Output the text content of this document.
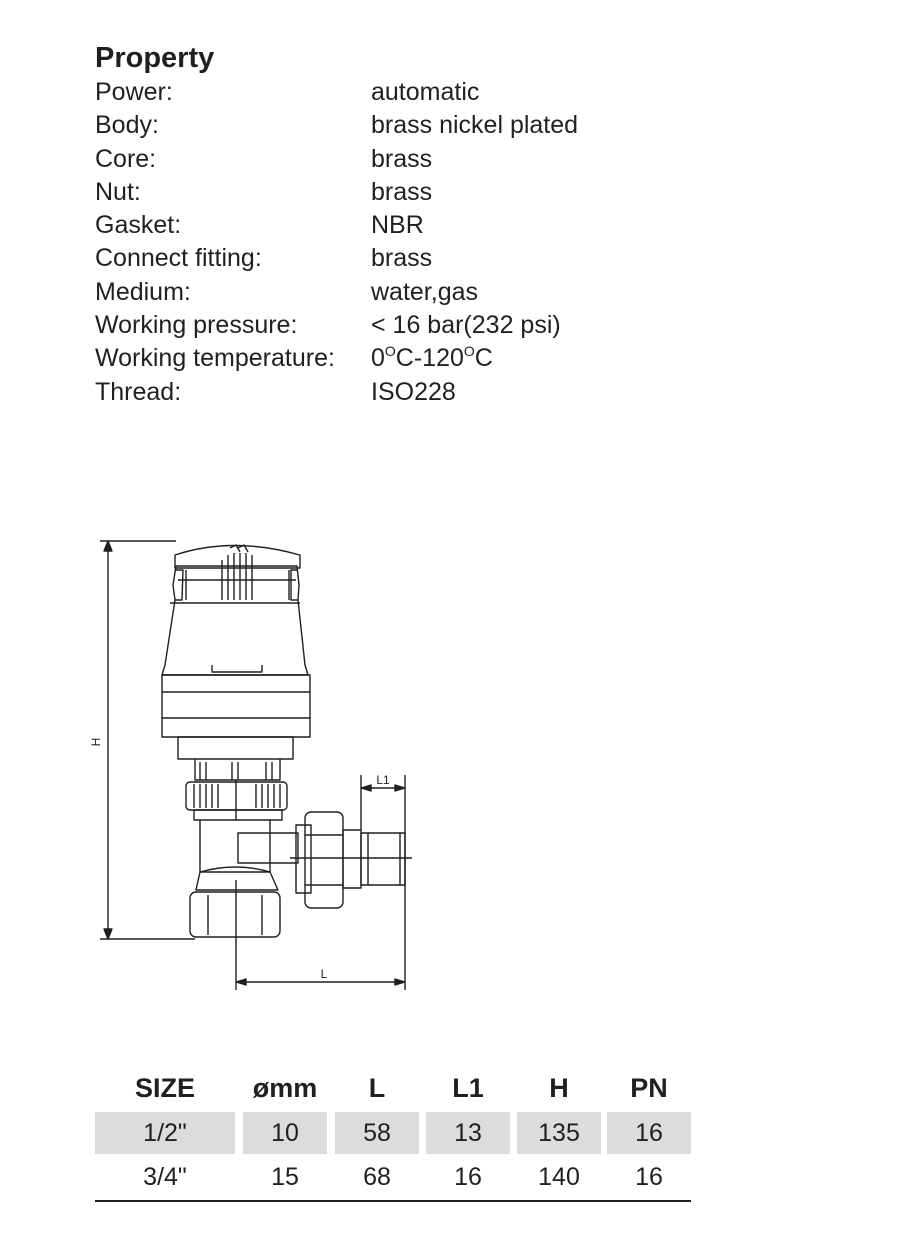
Property
Power:	automatic
Body:	brass nickel plated
Core:	brass
Nut:	brass
Gasket:	NBR
Connect fitting:	brass
Medium:	water,gas
Working pressure:	< 16 bar(232 psi)
Working temperature: $0^OC-120^OC$
Thread:	ISO228
H
L1
L
SIZE	ømm	L	L1	H	PN
1/2"	10	58	13	135	16
3/4"	15	68	16	140	16
